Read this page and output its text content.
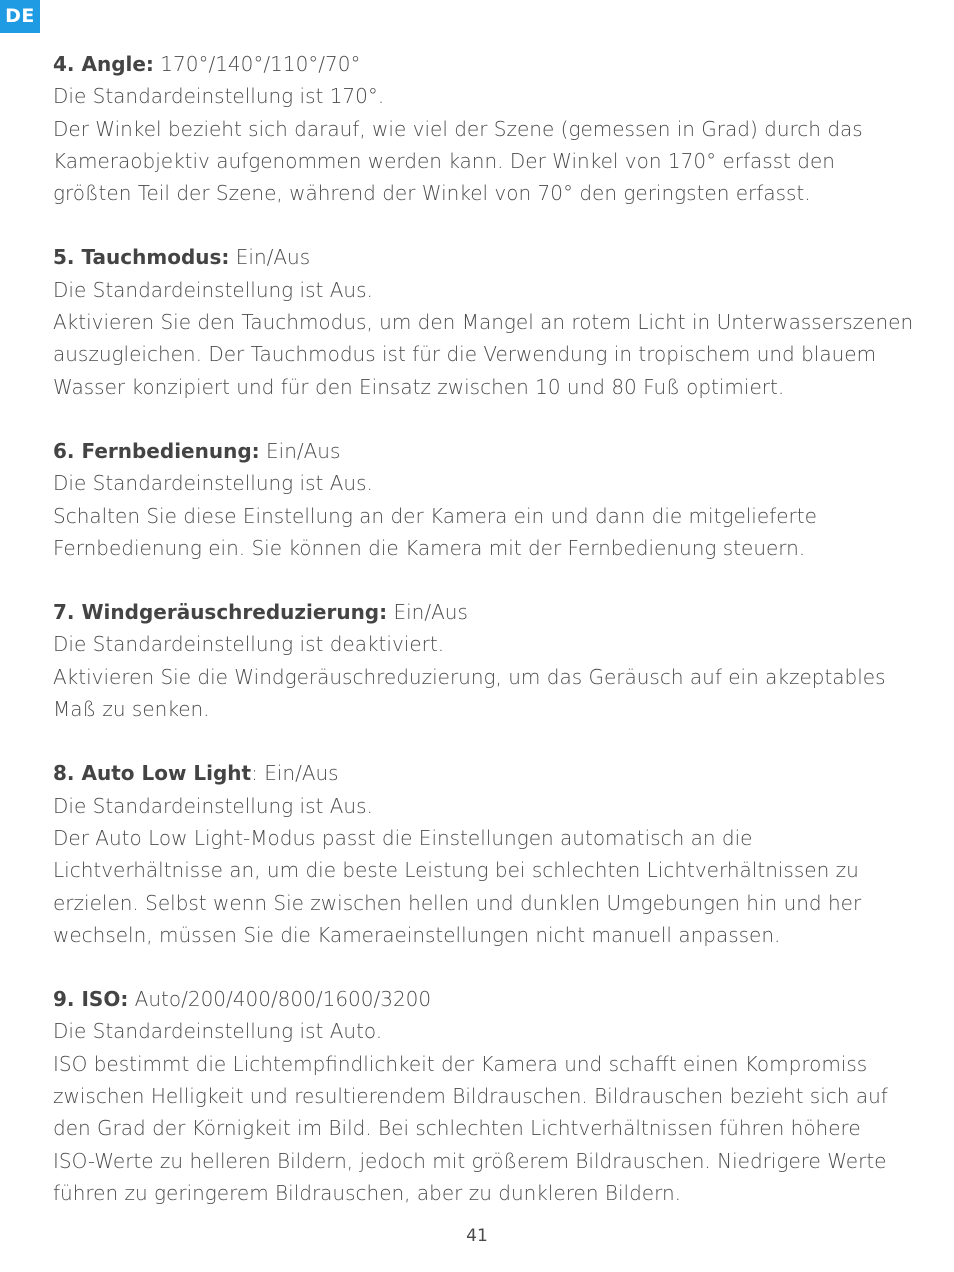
DE
4. Angle: 170°/140°/110°/70°
Die Standardeinstellung ist 170°.
Der Winkel bezieht sich darauf, wie viel der Szene (gemessen in Grad) durch das
Kameraobjektiv aufgenommen werden kann. Der Winkel von 170° erfasst den
größten Teil der Szene, während der Winkel von 70° den geringsten erfasst.
5. Tauchmodus: Ein/Aus
Die Standardeinstellung ist Aus.
Aktivieren Sie den Tauchmodus, um den Mangel an rotem Licht in Unterwasserszenen
auszugleichen. Der Tauchmodus ist für die Verwendung in tropischem und blauem
Wasser konzipiert und für den Einsatz zwischen 10 und 80 Fuß optimiert.
6. Fernbedienung: Ein/Aus
Die Standardeinstellung ist Aus.
Schalten Sie diese Einstellung an der Kamera ein und dann die mitgelieferte
Fernbedienung ein. Sie können die Kamera mit der Fernbedienung steuern.
7. Windgeräuschreduzierung: Ein/Aus
Die Standardeinstellung ist deaktiviert.
Aktivieren Sie die Windgeräuschreduzierung, um das Geräusch auf ein akzeptables
Maß zu senken.
8. Auto Low Light: Ein/Aus
Die Standardeinstellung ist Aus.
Der Auto Low Light-Modus passt die Einstellungen automatisch an die
Lichtverhältnisse an, um die beste Leistung bei schlechten Lichtverhältnissen zu
erzielen. Selbst wenn Sie zwischen hellen und dunklen Umgebungen hin und her
wechseln, müssen Sie die Kameraeinstellungen nicht manuell anpassen.
9. ISO: Auto/200/400/800/1600/3200
Die Standardeinstellung ist Auto.
ISO bestimmt die Lichtempfindlichkeit der Kamera und schafft einen Kompromiss
zwischen Helligkeit und resultierendem Bildrauschen. Bildrauschen bezieht sich auf
den Grad der Körnigkeit im Bild. Bei schlechten Lichtverhältnissen führen höhere
ISO-Werte zu helleren Bildern, jedoch mit größerem Bildrauschen. Niedrigere Werte
führen zu geringerem Bildrauschen, aber zu dunkleren Bildern.
41
